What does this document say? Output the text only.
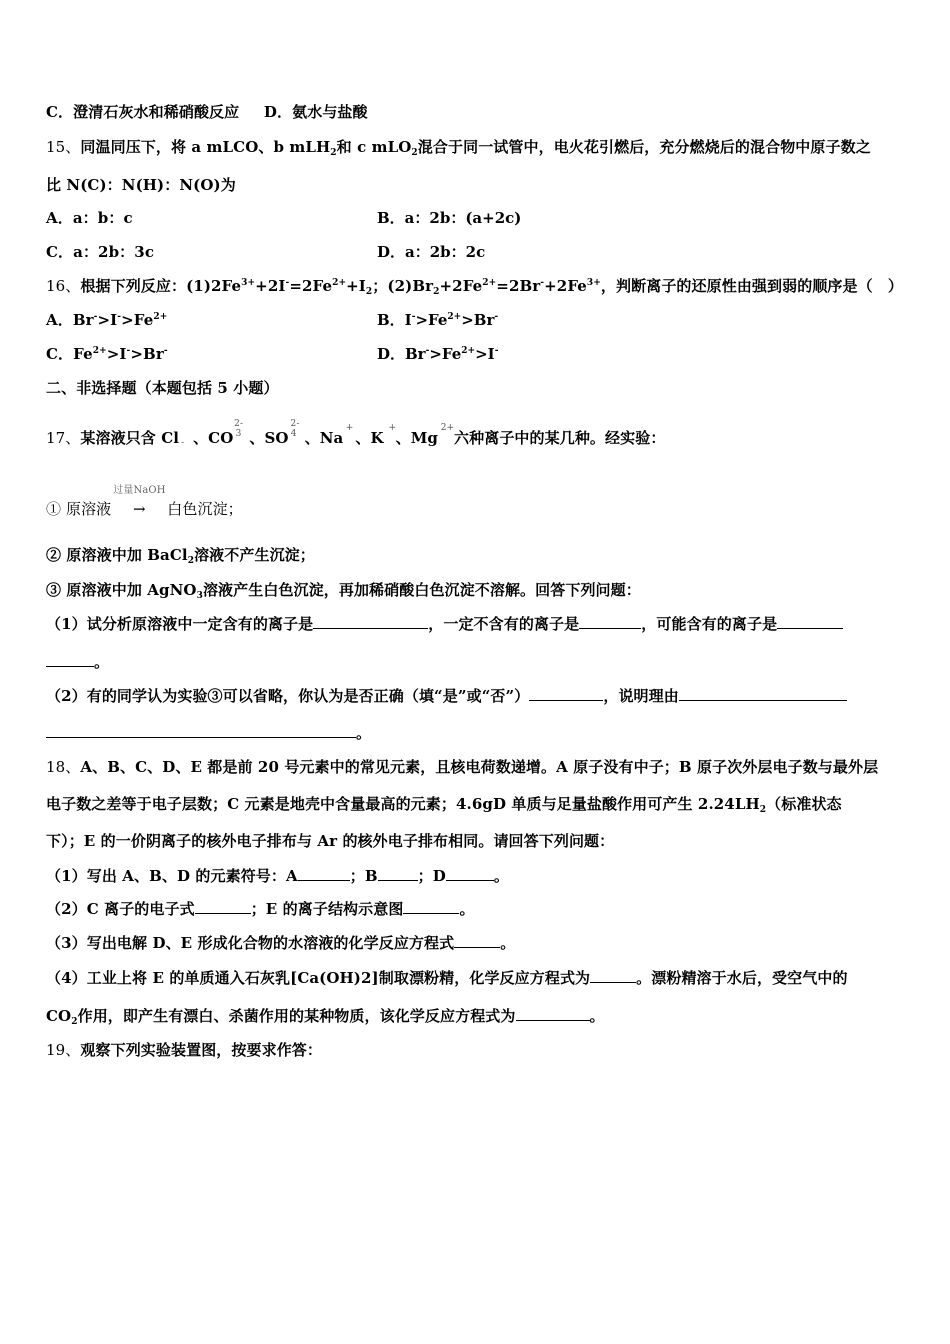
C．澄清石灰水和稀硝酸反应 D．氨水与盐酸
15、同温同压下，将 a mLCO、b mLH$_2$和 c mLO$_2$混合于同一试管中，电火花引燃后，充分燃烧后的混合物中原子数之
比 N(C)：N(H)：N(O)为
A．a：b：c	B．a：2b：(a+2c)
C．a：2b：3c	D．a：2b：2c
16、根据下列反应：$(1)2Fe^{3+}+2I^-=2Fe^{2+}+I_2$；$(2)Br_2+2Fe^{2+}=2Br^-+2Fe^{3+}$，判断离子的还原性由强到弱的顺序是（　）
A．$Br^->I^->Fe^{2+}$	B．$I^->Fe^{2+}>Br^-$
C．$Fe^{2+}>I^->Br^-$	D．$Br^->Fe^{2+}>I^-$
二、非选择题（本题包括 5 小题）
17、某溶液只含 Cl - 、CO
2-
3 、SO
2-
4 、Na
+
、K
+
、Mg
2+
六种离子中的某几种。经实验：
① 原溶液
过量NaOH
→ 白色沉淀；
② 原溶液中加 BaCl$_2$溶液不产生沉淀；
③ 原溶液中加 AgNO$_3$溶液产生白色沉淀，再加稀硝酸白色沉淀不溶解。回答下列问题：
（1）试分析原溶液中一定含有的离子是	，一定不含有的离子是	，可能含有的离子是
。
（2）有的同学认为实验③可以省略，你认为是否正确（填“是”或“否”）	，说明理由
。
18、A、B、C、D、E 都是前 20 号元素中的常见元素，且核电荷数递增。A 原子没有中子；B 原子次外层电子数与最外层
电子数之差等于电子层数；C 元素是地壳中含量最高的元素；4.6gD 单质与足量盐酸作用可产生 $2.24LH_2$（标准状态
下）；E 的一价阴离子的核外电子排布与 Ar 的核外电子排布相同。请回答下列问题：
（1）写出 A、B、D 的元素符号：A	；B	；D	。
（2）C 离子的电子式	；E 的离子结构示意图	。
（3）写出电解 D、E 形成化合物的水溶液的化学反应方程式	。
（4）工业上将 E 的单质通入石灰乳[Ca(OH)2]制取漂粉精，化学反应方程式为	。漂粉精溶于水后，受空气中的
$CO_2$作用，即产生有漂白、杀菌作用的某种物质，该化学反应方程式为	。
19、观察下列实验装置图，按要求作答：
